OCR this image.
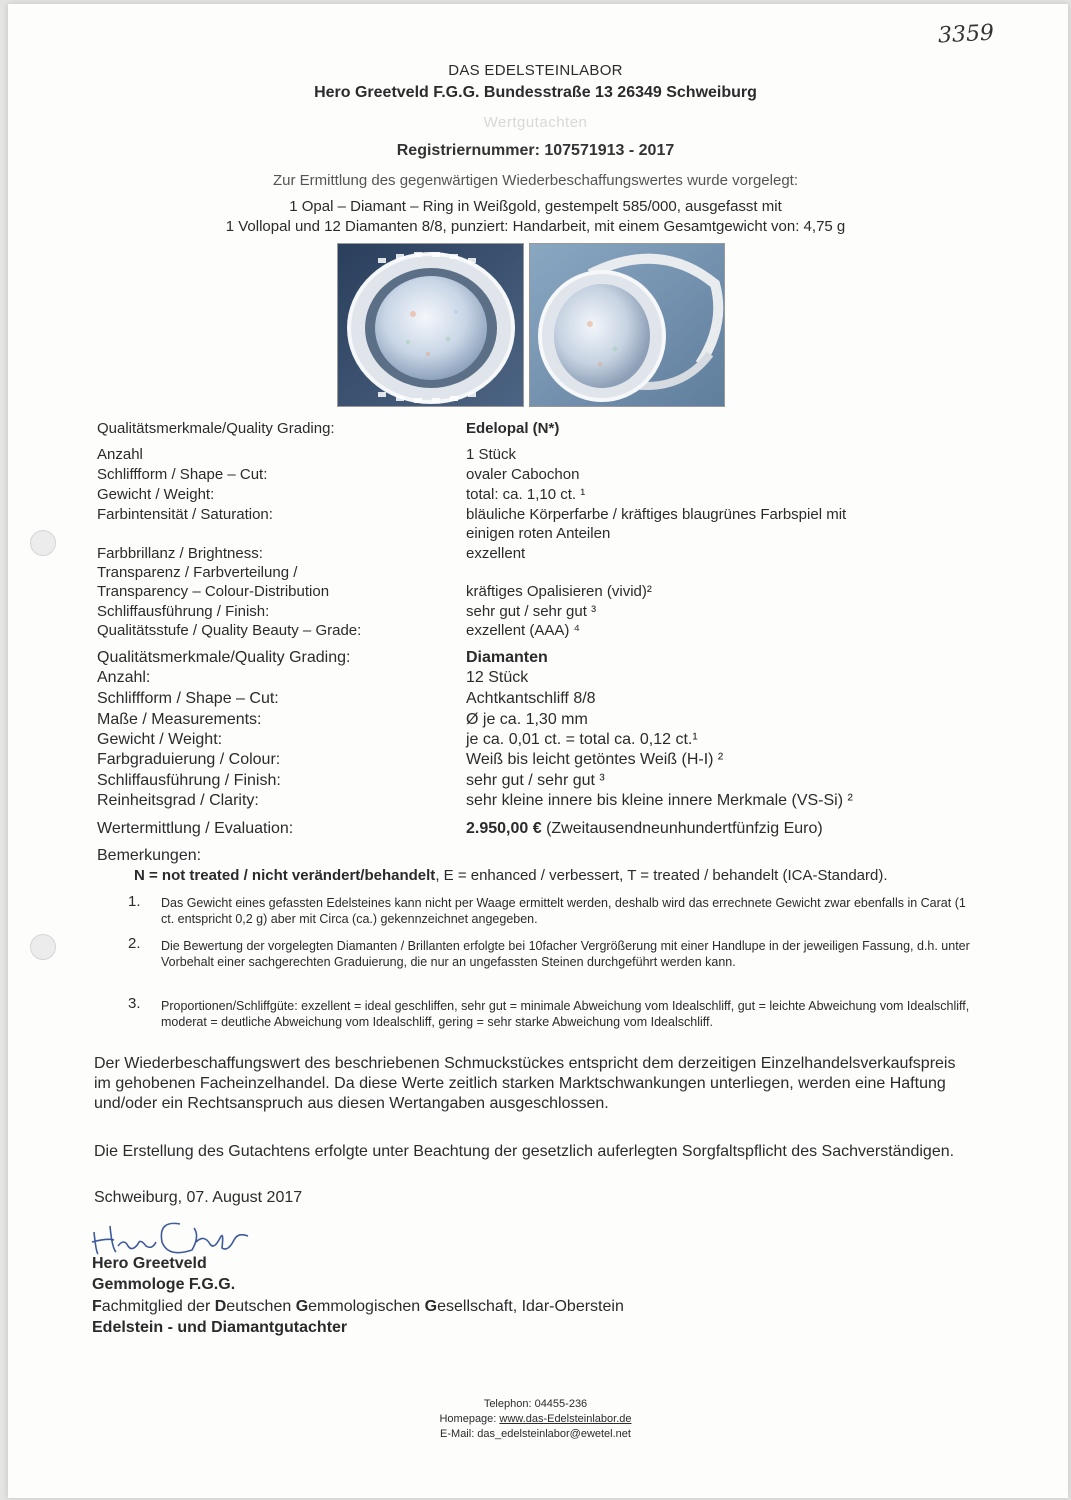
3359
DAS EDELSTEINLABOR
Hero Greetveld F.G.G. Bundesstraße 13 26349 Schweiburg
Wertgutachten
Registriernummer: 107571913 - 2017
Zur Ermittlung des gegenwärtigen Wiederbeschaffungswertes wurde vorgelegt:
1 Opal – Diamant – Ring in Weißgold, gestempelt 585/000, ausgefasst mit
1 Vollopal und 12 Diamanten 8/8, punziert: Handarbeit, mit einem Gesamtgewicht von: 4,75 g
Qualitätsmerkmale/Quality Grading:	Edelopal (N*)
Anzahl	1 Stück
Schliffform / Shape – Cut:	ovaler Cabochon
Gewicht / Weight:	total: ca. 1,10 ct. ¹
Farbintensität / Saturation:	bläuliche Körperfarbe / kräftiges blaugrünes Farbspiel mit
einigen roten Anteilen
Farbbrillanz / Brightness:	exzellent
Transparenz / Farbverteilung /
Transparency – Colour-Distribution	kräftiges Opalisieren (vivid)²
Schliffausführung / Finish:	sehr gut / sehr gut ³
Qualitätsstufe / Quality Beauty – Grade:	exzellent (AAA) ⁴
Qualitätsmerkmale/Quality Grading:	Diamanten
Anzahl:	12 Stück
Schliffform / Shape – Cut:	Achtkantschliff 8/8
Maße / Measurements:	Ø je ca. 1,30 mm
Gewicht / Weight:	je ca. 0,01 ct. = total ca. 0,12 ct.¹
Farbgraduierung / Colour:	Weiß bis leicht getöntes Weiß (H-I) ²
Schliffausführung / Finish:	sehr gut / sehr gut ³
Reinheitsgrad / Clarity:	sehr kleine innere bis kleine innere Merkmale (VS-Si) ²
Wertermittlung / Evaluation:	2.950,00 € (Zweitausendneunhundertfünfzig Euro)
Bemerkungen:
N = not treated / nicht verändert/behandelt, E = enhanced / verbessert, T = treated / behandelt (ICA-Standard).
1. Das Gewicht eines gefassten Edelsteines kann nicht per Waage ermittelt werden, deshalb wird das errechnete Gewicht zwar ebenfalls in Carat (1 ct. entspricht 0,2 g) aber mit Circa (ca.) gekennzeichnet angegeben.
2. Die Bewertung der vorgelegten Diamanten / Brillanten erfolgte bei 10facher Vergrößerung mit einer Handlupe in der jeweiligen Fassung, d.h. unter Vorbehalt einer sachgerechten Graduierung, die nur an ungefassten Steinen durchgeführt werden kann.
3. Proportionen/Schliffgüte: exzellent = ideal geschliffen, sehr gut = minimale Abweichung vom Idealschliff, gut = leichte Abweichung vom Idealschliff, moderat = deutliche Abweichung vom Idealschliff, gering = sehr starke Abweichung vom Idealschliff.
Der Wiederbeschaffungswert des beschriebenen Schmuckstückes entspricht dem derzeitigen Einzelhandelsverkaufspreis im gehobenen Facheinzelhandel. Da diese Werte zeitlich starken Marktschwankungen unterliegen, werden eine Haftung und/oder ein Rechtsanspruch aus diesen Wertangaben ausgeschlossen.
Die Erstellung des Gutachtens erfolgte unter Beachtung der gesetzlich auferlegten Sorgfaltspflicht des Sachverständigen.
Schweiburg, 07. August 2017
Hero Greetveld
Gemmologe F.G.G.
Fachmitglied der Deutschen Gemmologischen Gesellschaft, Idar-Oberstein
Edelstein - und Diamantgutachter
Telephon: 04455-236
Homepage: www.das-Edelsteinlabor.de
E-Mail: das_edelsteinlabor@ewetel.net
